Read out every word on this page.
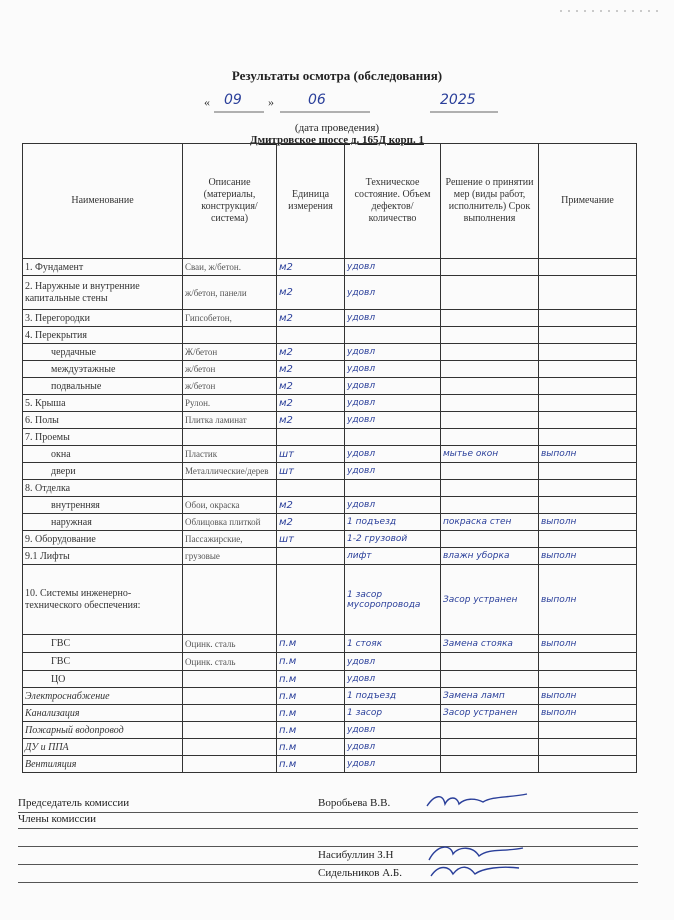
Результаты осмотра (обследования)
«	»
09	06	2025
(дата проведения)
Дмитровское шоссе д. 165Д корп. 1
Наименование	Описание (материалы, конструкция/ система)	Единица измерения	Техническое состояние. Объем дефектов/ количество	Решение о принятии мер (виды работ, исполнитель) Срок выполнения	Примечание
1. Фундамент	Сваи, ж/бетон.	м2	удовл		
2. Наружные и внутренние капитальные стены	ж/бетон, панели	м2	удовл		
3. Перегородки	Гипсобетон,	м2	удовл		
4. Перекрытия					
чердачные	Ж/бетон	м2	удовл		
междуэтажные	ж/бетон	м2	удовл		
подвальные	ж/бетон	м2	удовл		
5. Крыша	Рулон.	м2	удовл		
6. Полы	Плитка ламинат	м2	удовл		
7. Проемы					
окна	Пластик	шт	удовл	мытье окон	выполн
двери	Металлические/дерев	шт	удовл		
8. Отделка					
внутренняя	Обои, окраска	м2	удовл		
наружная	Облицовка плиткой	м2	1 подъезд	покраска стен	выполн
9. Оборудование	Пассажирские,	шт	1-2 грузовой		
9.1 Лифты	грузовые		лифт	влажн уборка	выполн
10. Системы инженерно-технического обеспечения:			1 засор мусоропровода	Засор устранен	выполн
ГВС	Оцинк. сталь	п.м	1 стояк	Замена стояка	выполн
ГВС	Оцинк. сталь	п.м	удовл		
ЦО		п.м	удовл		
Электроснабжение		п.м	1 подъезд	Замена ламп	выполн
Канализация		п.м	1 засор	Засор устранен	выполн
Пожарный водопровод		п.м	удовл		
ДУ и ППА		п.м	удовл		
Вентиляция		п.м	удовл		
Председатель комиссии	Воробьева В.В.
Члены комиссии
Насибуллин З.Н
Сидельников А.Б.
